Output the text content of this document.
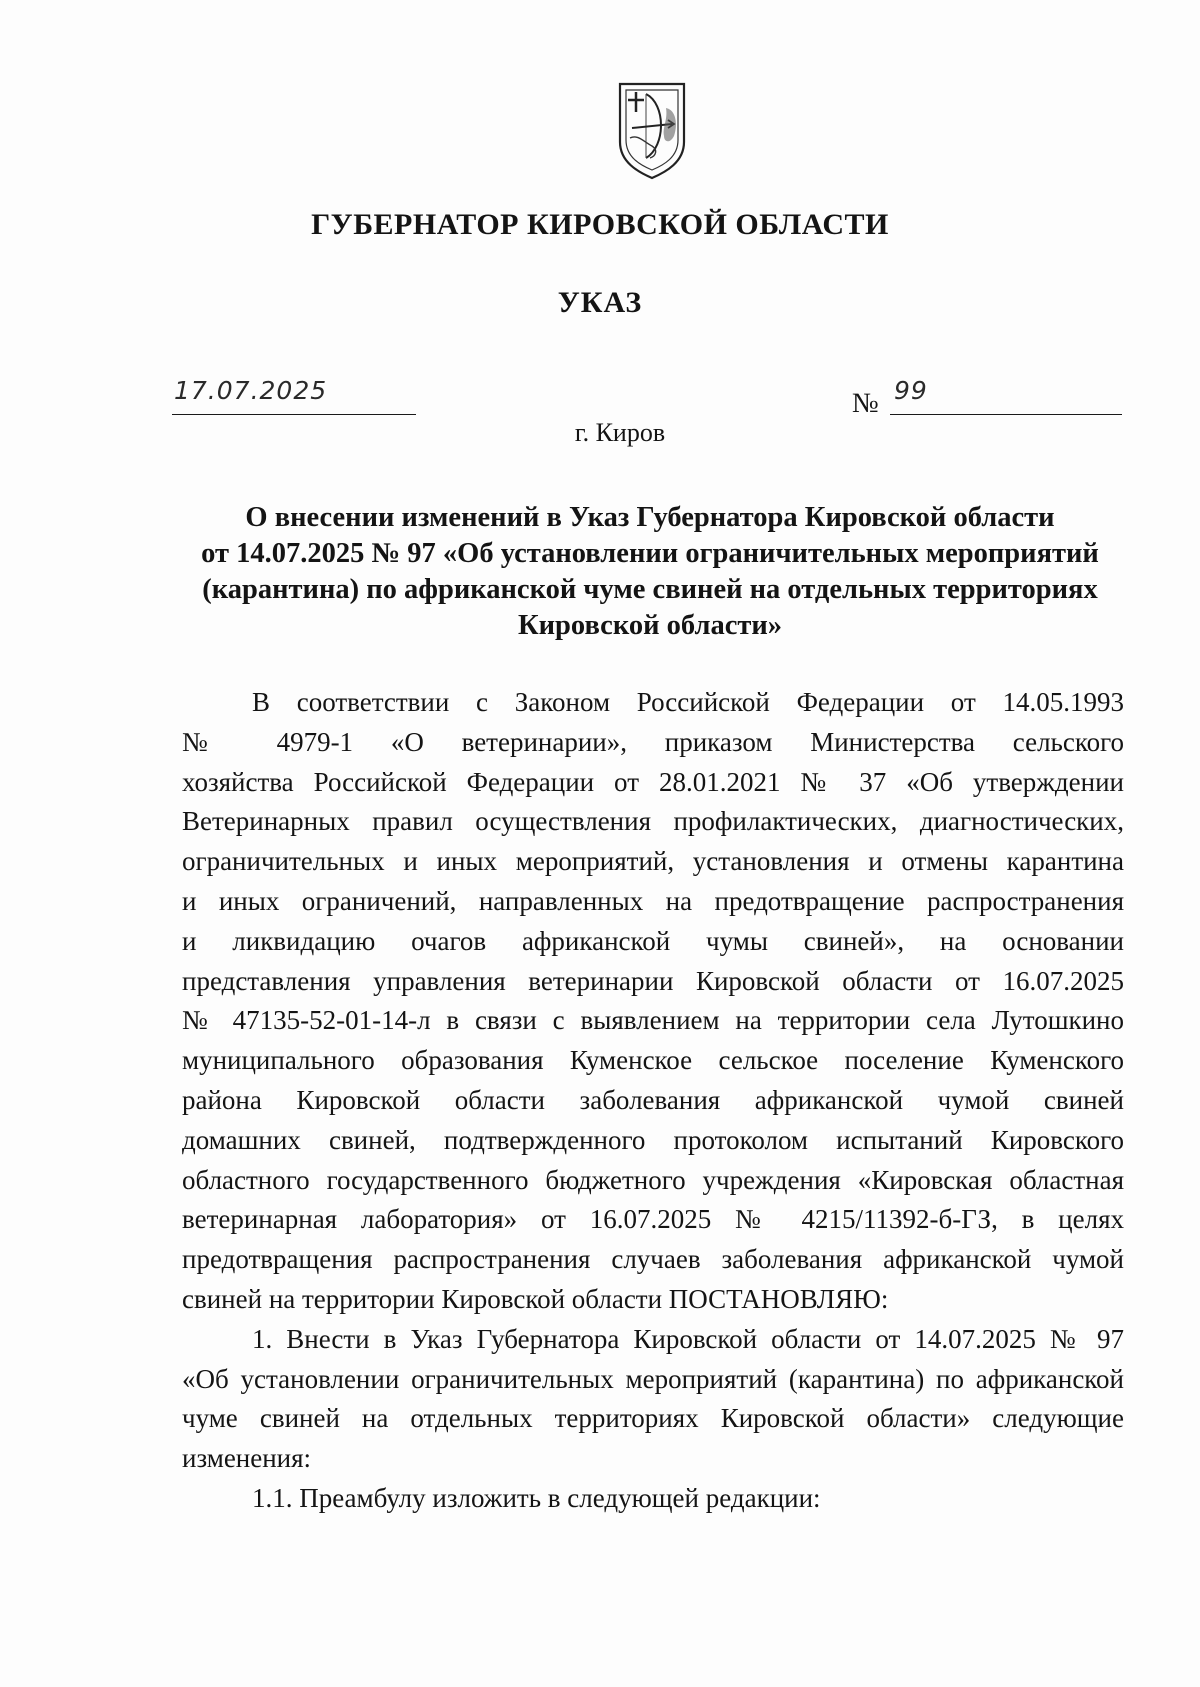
ГУБЕРНАТОР КИРОВСКОЙ ОБЛАСТИ
УКАЗ
17.07.2025	№ 99
г. Киров
О внесении изменений в Указ Губернатора Кировской области
от 14.07.2025 № 97 «Об установлении ограничительных мероприятий
(карантина) по африканской чуме свиней на отдельных территориях
Кировской области»
В соответствии с Законом Российской Федерации от 14.05.1993
№ 4979-1 «О ветеринарии», приказом Министерства сельского
хозяйства Российской Федерации от 28.01.2021 № 37 «Об утверждении
Ветеринарных правил осуществления профилактических, диагностических,
ограничительных и иных мероприятий, установления и отмены карантина
и иных ограничений, направленных на предотвращение распространения
и ликвидацию очагов африканской чумы свиней», на основании
представления управления ветеринарии Кировской области от 16.07.2025
№ 47135-52-01-14-л в связи с выявлением на территории села Лутошкино
муниципального образования Куменское сельское поселение Куменского
района Кировской области заболевания африканской чумой свиней
домашних свиней, подтвержденного протоколом испытаний Кировского
областного государственного бюджетного учреждения «Кировская областная
ветеринарная лаборатория» от 16.07.2025 № 4215/11392-б-ГЗ, в целях
предотвращения распространения случаев заболевания африканской чумой
свиней на территории Кировской области ПОСТАНОВЛЯЮ:
1. Внести в Указ Губернатора Кировской области от 14.07.2025 № 97
«Об установлении ограничительных мероприятий (карантина) по африканской
чуме свиней на отдельных территориях Кировской области» следующие
изменения:
1.1. Преамбулу изложить в следующей редакции:
